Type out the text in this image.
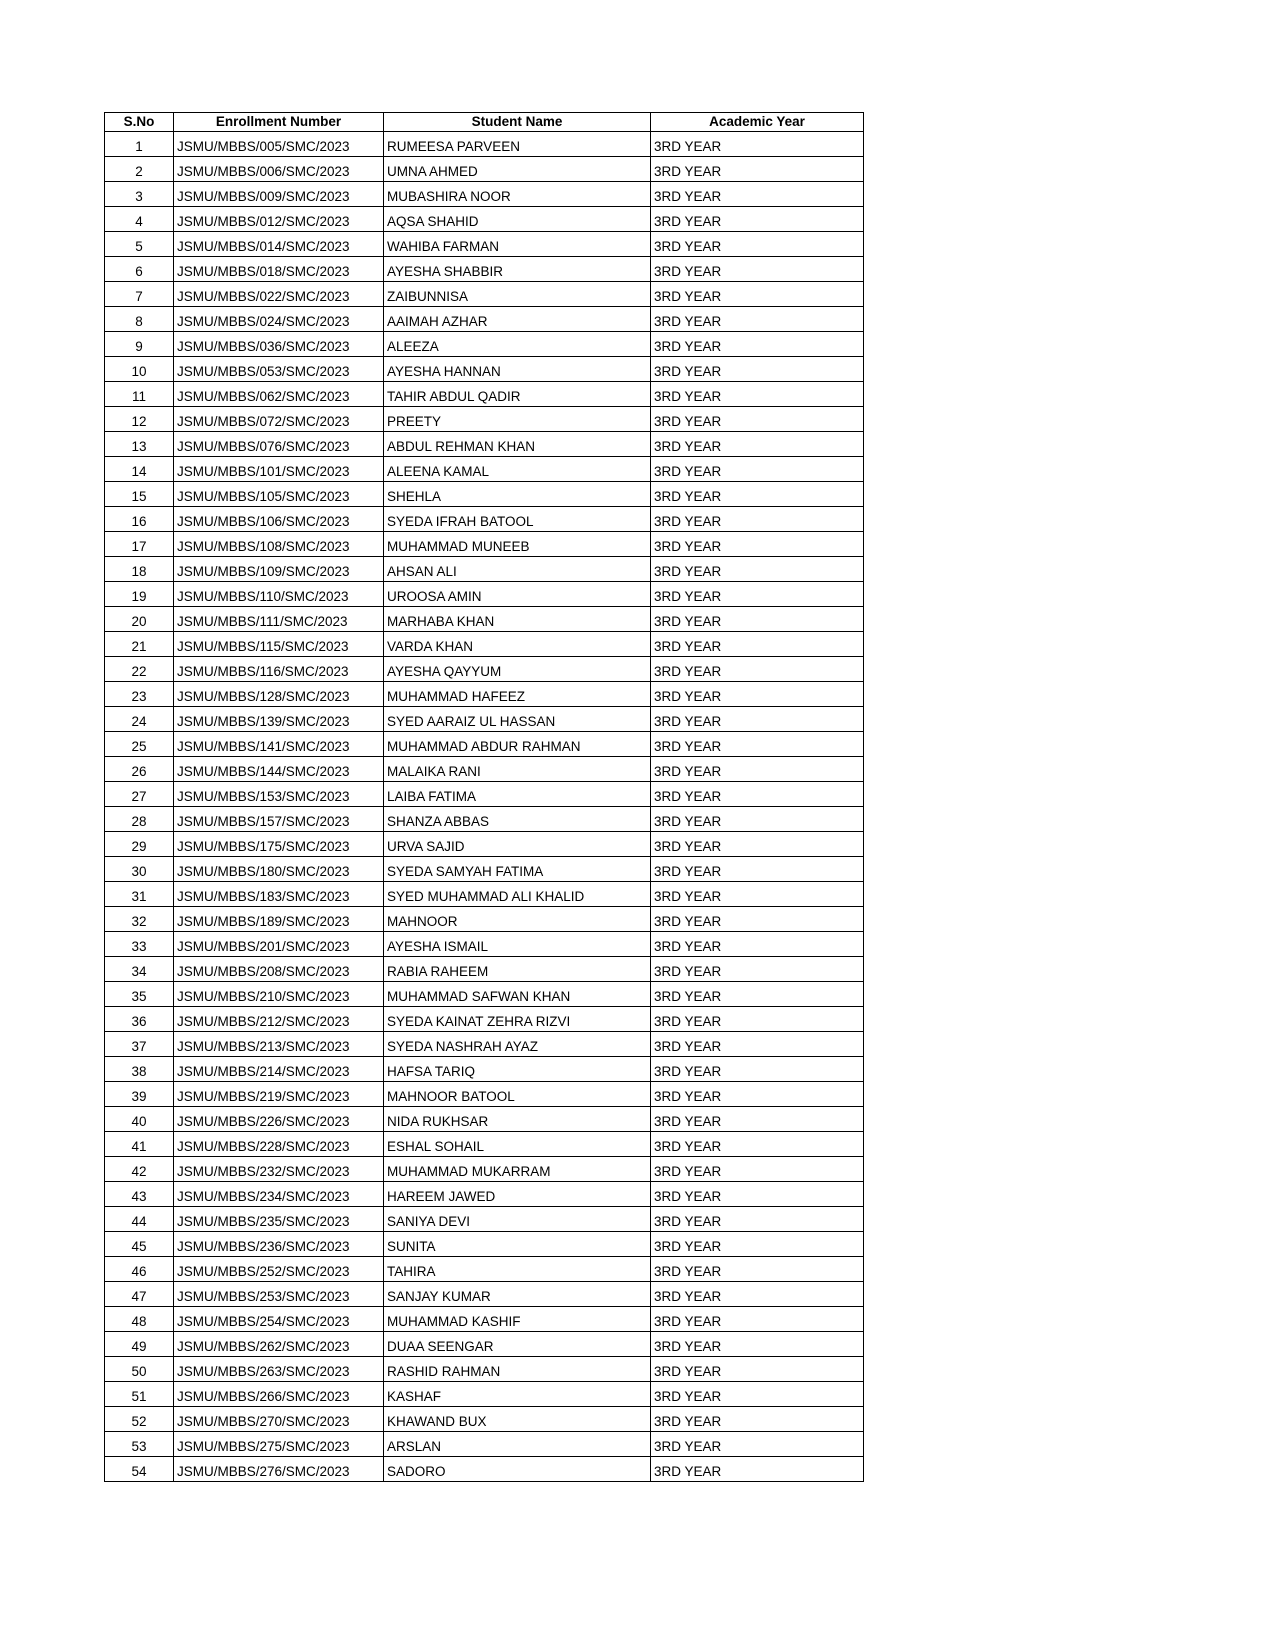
S.No	Enrollment Number	Student Name	Academic Year
1	JSMU/MBBS/005/SMC/2023	RUMEESA PARVEEN	3RD YEAR
2	JSMU/MBBS/006/SMC/2023	UMNA AHMED	3RD YEAR
3	JSMU/MBBS/009/SMC/2023	MUBASHIRA NOOR	3RD YEAR
4	JSMU/MBBS/012/SMC/2023	AQSA SHAHID	3RD YEAR
5	JSMU/MBBS/014/SMC/2023	WAHIBA FARMAN	3RD YEAR
6	JSMU/MBBS/018/SMC/2023	AYESHA SHABBIR	3RD YEAR
7	JSMU/MBBS/022/SMC/2023	ZAIBUNNISA	3RD YEAR
8	JSMU/MBBS/024/SMC/2023	AAIMAH AZHAR	3RD YEAR
9	JSMU/MBBS/036/SMC/2023	ALEEZA	3RD YEAR
10	JSMU/MBBS/053/SMC/2023	AYESHA HANNAN	3RD YEAR
11	JSMU/MBBS/062/SMC/2023	TAHIR ABDUL QADIR	3RD YEAR
12	JSMU/MBBS/072/SMC/2023	PREETY	3RD YEAR
13	JSMU/MBBS/076/SMC/2023	ABDUL REHMAN KHAN	3RD YEAR
14	JSMU/MBBS/101/SMC/2023	ALEENA KAMAL	3RD YEAR
15	JSMU/MBBS/105/SMC/2023	SHEHLA	3RD YEAR
16	JSMU/MBBS/106/SMC/2023	SYEDA IFRAH BATOOL	3RD YEAR
17	JSMU/MBBS/108/SMC/2023	MUHAMMAD MUNEEB	3RD YEAR
18	JSMU/MBBS/109/SMC/2023	AHSAN ALI	3RD YEAR
19	JSMU/MBBS/110/SMC/2023	UROOSA AMIN	3RD YEAR
20	JSMU/MBBS/111/SMC/2023	MARHABA KHAN	3RD YEAR
21	JSMU/MBBS/115/SMC/2023	VARDA KHAN	3RD YEAR
22	JSMU/MBBS/116/SMC/2023	AYESHA QAYYUM	3RD YEAR
23	JSMU/MBBS/128/SMC/2023	MUHAMMAD HAFEEZ	3RD YEAR
24	JSMU/MBBS/139/SMC/2023	SYED AARAIZ UL HASSAN	3RD YEAR
25	JSMU/MBBS/141/SMC/2023	MUHAMMAD ABDUR RAHMAN	3RD YEAR
26	JSMU/MBBS/144/SMC/2023	MALAIKA RANI	3RD YEAR
27	JSMU/MBBS/153/SMC/2023	LAIBA FATIMA	3RD YEAR
28	JSMU/MBBS/157/SMC/2023	SHANZA ABBAS	3RD YEAR
29	JSMU/MBBS/175/SMC/2023	URVA SAJID	3RD YEAR
30	JSMU/MBBS/180/SMC/2023	SYEDA SAMYAH FATIMA	3RD YEAR
31	JSMU/MBBS/183/SMC/2023	SYED MUHAMMAD ALI KHALID	3RD YEAR
32	JSMU/MBBS/189/SMC/2023	MAHNOOR	3RD YEAR
33	JSMU/MBBS/201/SMC/2023	AYESHA ISMAIL	3RD YEAR
34	JSMU/MBBS/208/SMC/2023	RABIA RAHEEM	3RD YEAR
35	JSMU/MBBS/210/SMC/2023	MUHAMMAD SAFWAN KHAN	3RD YEAR
36	JSMU/MBBS/212/SMC/2023	SYEDA KAINAT ZEHRA RIZVI	3RD YEAR
37	JSMU/MBBS/213/SMC/2023	SYEDA NASHRAH AYAZ	3RD YEAR
38	JSMU/MBBS/214/SMC/2023	HAFSA TARIQ	3RD YEAR
39	JSMU/MBBS/219/SMC/2023	MAHNOOR BATOOL	3RD YEAR
40	JSMU/MBBS/226/SMC/2023	NIDA RUKHSAR	3RD YEAR
41	JSMU/MBBS/228/SMC/2023	ESHAL SOHAIL	3RD YEAR
42	JSMU/MBBS/232/SMC/2023	MUHAMMAD MUKARRAM	3RD YEAR
43	JSMU/MBBS/234/SMC/2023	HAREEM JAWED	3RD YEAR
44	JSMU/MBBS/235/SMC/2023	SANIYA DEVI	3RD YEAR
45	JSMU/MBBS/236/SMC/2023	SUNITA	3RD YEAR
46	JSMU/MBBS/252/SMC/2023	TAHIRA	3RD YEAR
47	JSMU/MBBS/253/SMC/2023	SANJAY KUMAR	3RD YEAR
48	JSMU/MBBS/254/SMC/2023	MUHAMMAD KASHIF	3RD YEAR
49	JSMU/MBBS/262/SMC/2023	DUAA SEENGAR	3RD YEAR
50	JSMU/MBBS/263/SMC/2023	RASHID RAHMAN	3RD YEAR
51	JSMU/MBBS/266/SMC/2023	KASHAF	3RD YEAR
52	JSMU/MBBS/270/SMC/2023	KHAWAND BUX	3RD YEAR
53	JSMU/MBBS/275/SMC/2023	ARSLAN	3RD YEAR
54	JSMU/MBBS/276/SMC/2023	SADORO	3RD YEAR
